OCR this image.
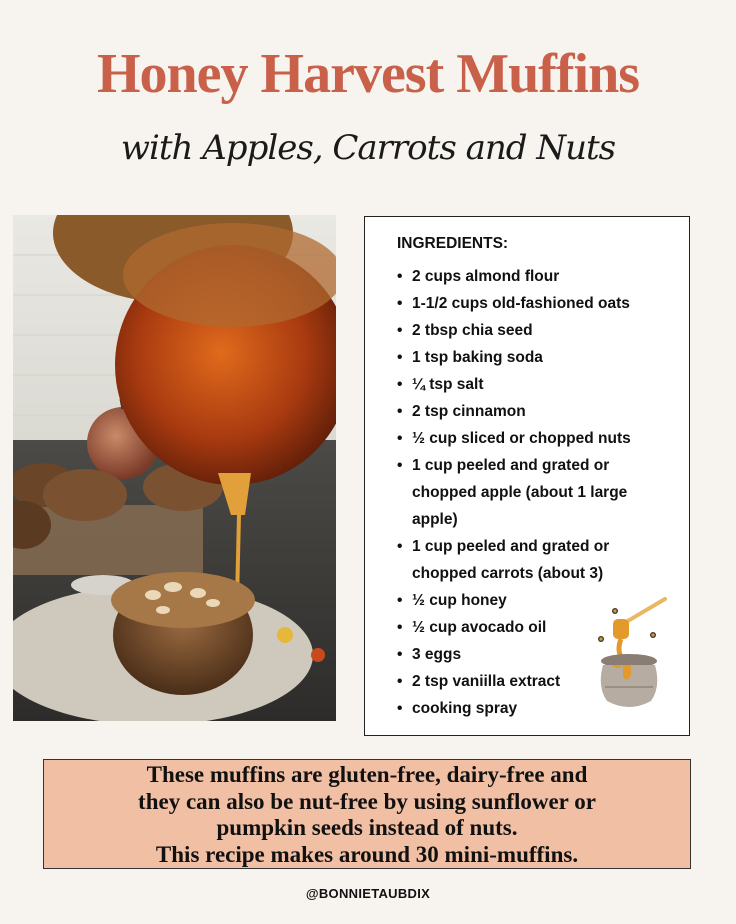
Honey Harvest Muffins
with Apples, Carrots and Nuts
INGREDIENTS:
• 2 cups almond flour
• 1-1/2 cups old-fashioned oats
• 2 tbsp chia seed
• 1 tsp baking soda
• ¼ tsp salt
• 2 tsp cinnamon
• ½ cup sliced or chopped nuts
• 1 cup peeled and grated or
chopped apple (about 1 large
apple)
• 1 cup peeled and grated or
chopped carrots (about 3)
• ½ cup honey
• ½ cup avocado oil
• 3 eggs
• 2 tsp vaniilla extract
• cooking spray
These muffins are gluten-free, dairy-free and
they can also be nut-free by using sunflower or
pumpkin seeds instead of nuts.
This recipe makes around 30 mini-muffins.
@BONNIETAUBDIX
